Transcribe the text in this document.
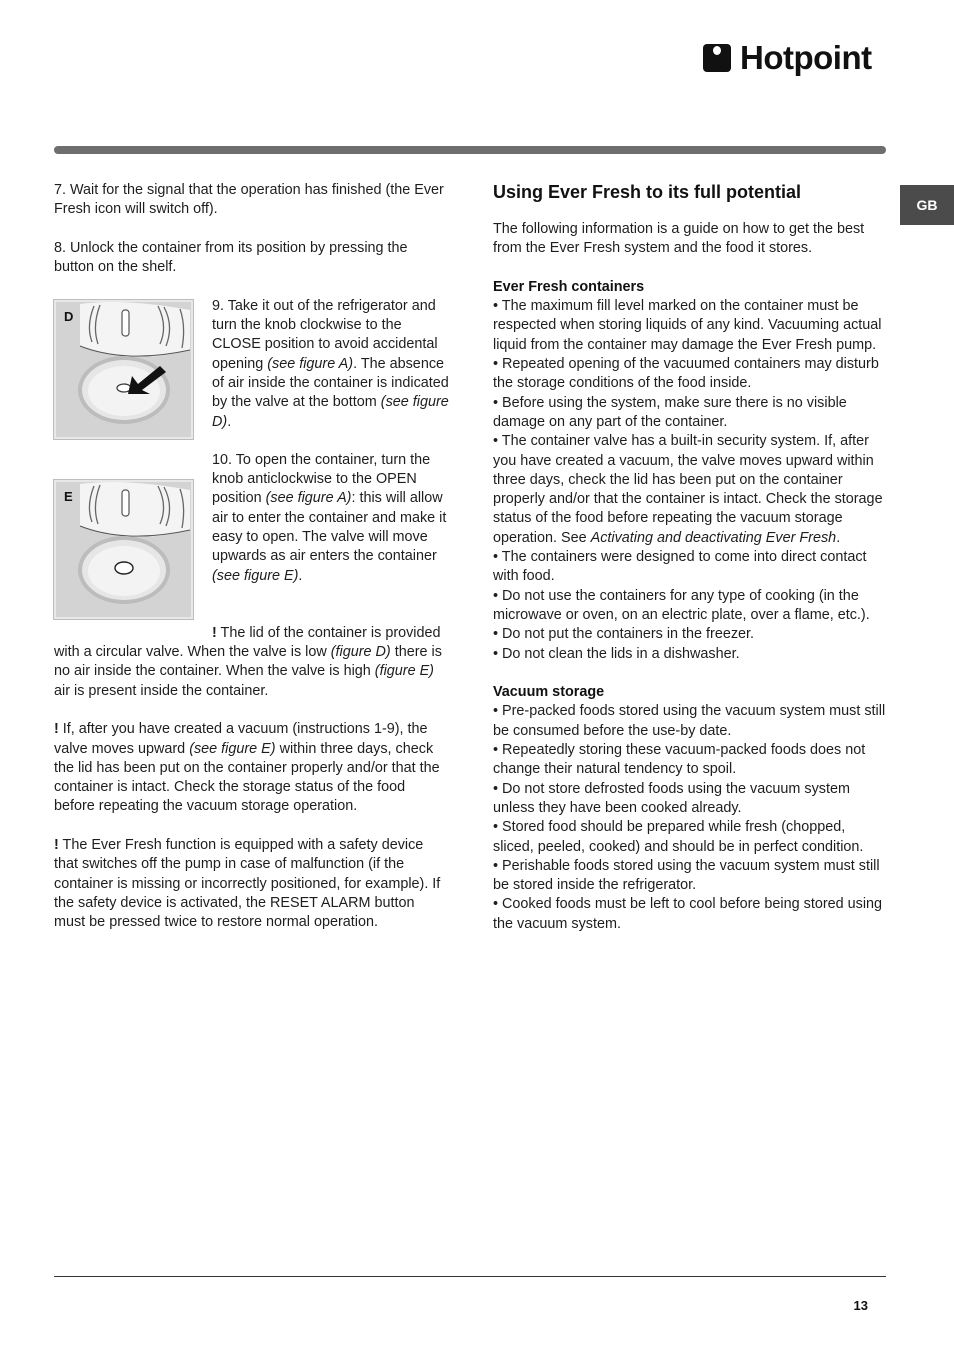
Hotpoint
GB

7. Wait for the signal that the operation has finished (the Ever Fresh icon will switch off).

8. Unlock the container from its position by pressing the button on the shelf.

D

9. Take it out of the refrigerator and turn the knob clockwise to the CLOSE position to avoid accidental opening (see figure A). The absence of air inside the container is indicated by the valve at the bottom (see figure D).

E

10. To open the container, turn the knob anticlockwise to the OPEN position (see figure A): this will allow air to enter the container and make it easy to open. The valve will move upwards as air enters the container (see figure E).

! The lid of the container is provided with a circular valve. When the valve is low (figure D) there is no air inside the container. When the valve is high (figure E) air is present inside the container.

! If, after you have created a vacuum (instructions 1-9), the valve moves upward (see figure E) within three days, check the lid has been put on the container properly and/or that the container is intact. Check the storage status of the food before repeating the vacuum storage operation.

! The Ever Fresh function is equipped with a safety device that switches off the pump in case of malfunction (if the container is missing or incorrectly positioned, for example). If the safety device is activated, the RESET ALARM button must be pressed twice to restore normal operation.

Using Ever Fresh to its full potential

The following information is a guide on how to get the best from the Ever Fresh system and the food it stores.

Ever Fresh containers

• The maximum fill level marked on the container must be respected when storing liquids of any kind. Vacuuming actual liquid from the container may damage the Ever Fresh pump.

• Repeated opening of the vacuumed containers may disturb the storage conditions of the food inside.

• Before using the system, make sure there is no visible damage on any part of the container.

• The container valve has a built-in security system. If, after you have created a vacuum, the valve moves upward within three days, check the lid has been put on the container properly and/or that the container is intact. Check the storage status of the food before repeating the vacuum storage operation. See Activating and deactivating Ever Fresh.

• The containers were designed to come into direct contact with food.

• Do not use the containers for any type of cooking (in the microwave or oven, on an electric plate, over a flame, etc.).

• Do not put the containers in the freezer.

• Do not clean the lids in a dishwasher.

Vacuum storage

• Pre-packed foods stored using the vacuum system must still be consumed before the use-by date.

• Repeatedly storing these vacuum-packed foods does not change their natural tendency to spoil.

• Do not store defrosted foods using the vacuum system unless they have been cooked already.

• Stored food should be prepared while fresh (chopped, sliced, peeled, cooked) and should be in perfect condition.

• Perishable foods stored using the vacuum system must still be stored inside the refrigerator.

• Cooked foods must be left to cool before being stored using the vacuum system.

13
